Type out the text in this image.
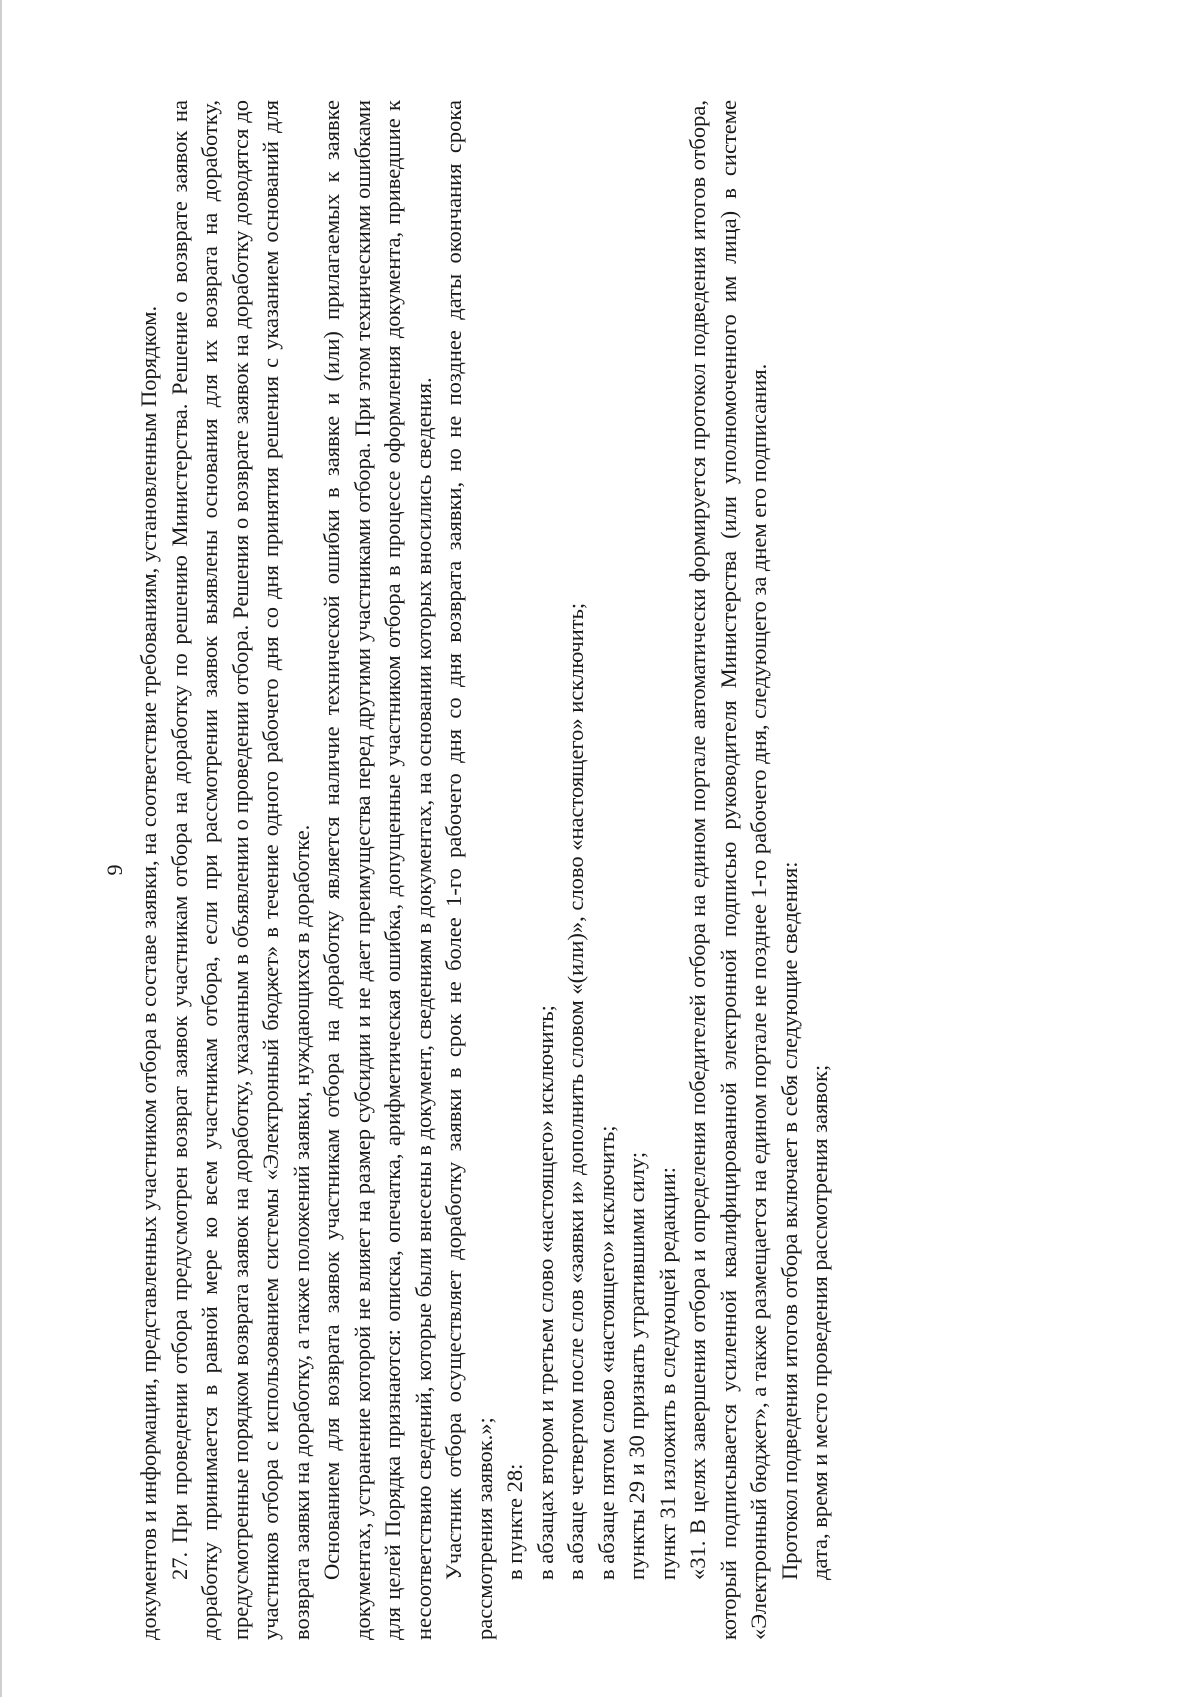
9 документов и информации, представленных участником отбора в составе заявки, на соответствие требованиям, установленным Порядком. 27. При проведении отбора предусмотрен возврат заявок участникам отбора на доработку по решению Министерства. Решение о возврате заявок на доработку принимается в равной мере ко всем участникам отбора, если при рассмотрении заявок выявлены основания для их возврата на доработку, предусмотренные порядком возврата заявок на доработку, указанным в объявлении о проведении отбора. Решения о возврате заявок на доработку доводятся до участников отбора с использованием системы «Электронный бюджет» в течение одного рабочего дня со дня принятия решения с указанием оснований для возврата заявки на доработку, а также положений заявки, нуждающихся в доработке. Основанием для возврата заявок участникам отбора на доработку является наличие технической ошибки в заявке и (или) прилагаемых к заявке документах, устранение которой не влияет на размер субсидии и не дает преимущества перед другими участниками отбора. При этом техническими ошибками для целей Порядка признаются: описка, опечатка, арифметическая ошибка, допущенные участником отбора в процессе оформления документа, приведшие к несоответствию сведений, которые были внесены в документ, сведениям в документах, на основании которых вносились сведения. Участник отбора осуществляет доработку заявки в срок не более 1-го рабочего дня со дня возврата заявки, но не позднее даты окончания срока рассмотрения заявок.»; в пункте 28: в абзацах втором и третьем слово «настоящего» исключить; в абзаце четвертом после слов «заявки и» дополнить словом «(или)», слово «настоящего» исключить; в абзаце пятом слово «настоящего» исключить; пункты 29 и 30 признать утратившими силу; пункт 31 изложить в следующей редакции: «31. В целях завершения отбора и определения победителей отбора на едином портале автоматически формируется протокол подведения итогов отбора, который подписывается усиленной квалифицированной электронной подписью руководителя Министерства (или уполномоченного им лица) в системе «Электронный бюджет», а также размещается на едином портале не позднее 1-го рабочего дня, следующего за днем его подписания. Протокол подведения итогов отбора включает в себя следующие сведения: дата, время и место проведения рассмотрения заявок;
